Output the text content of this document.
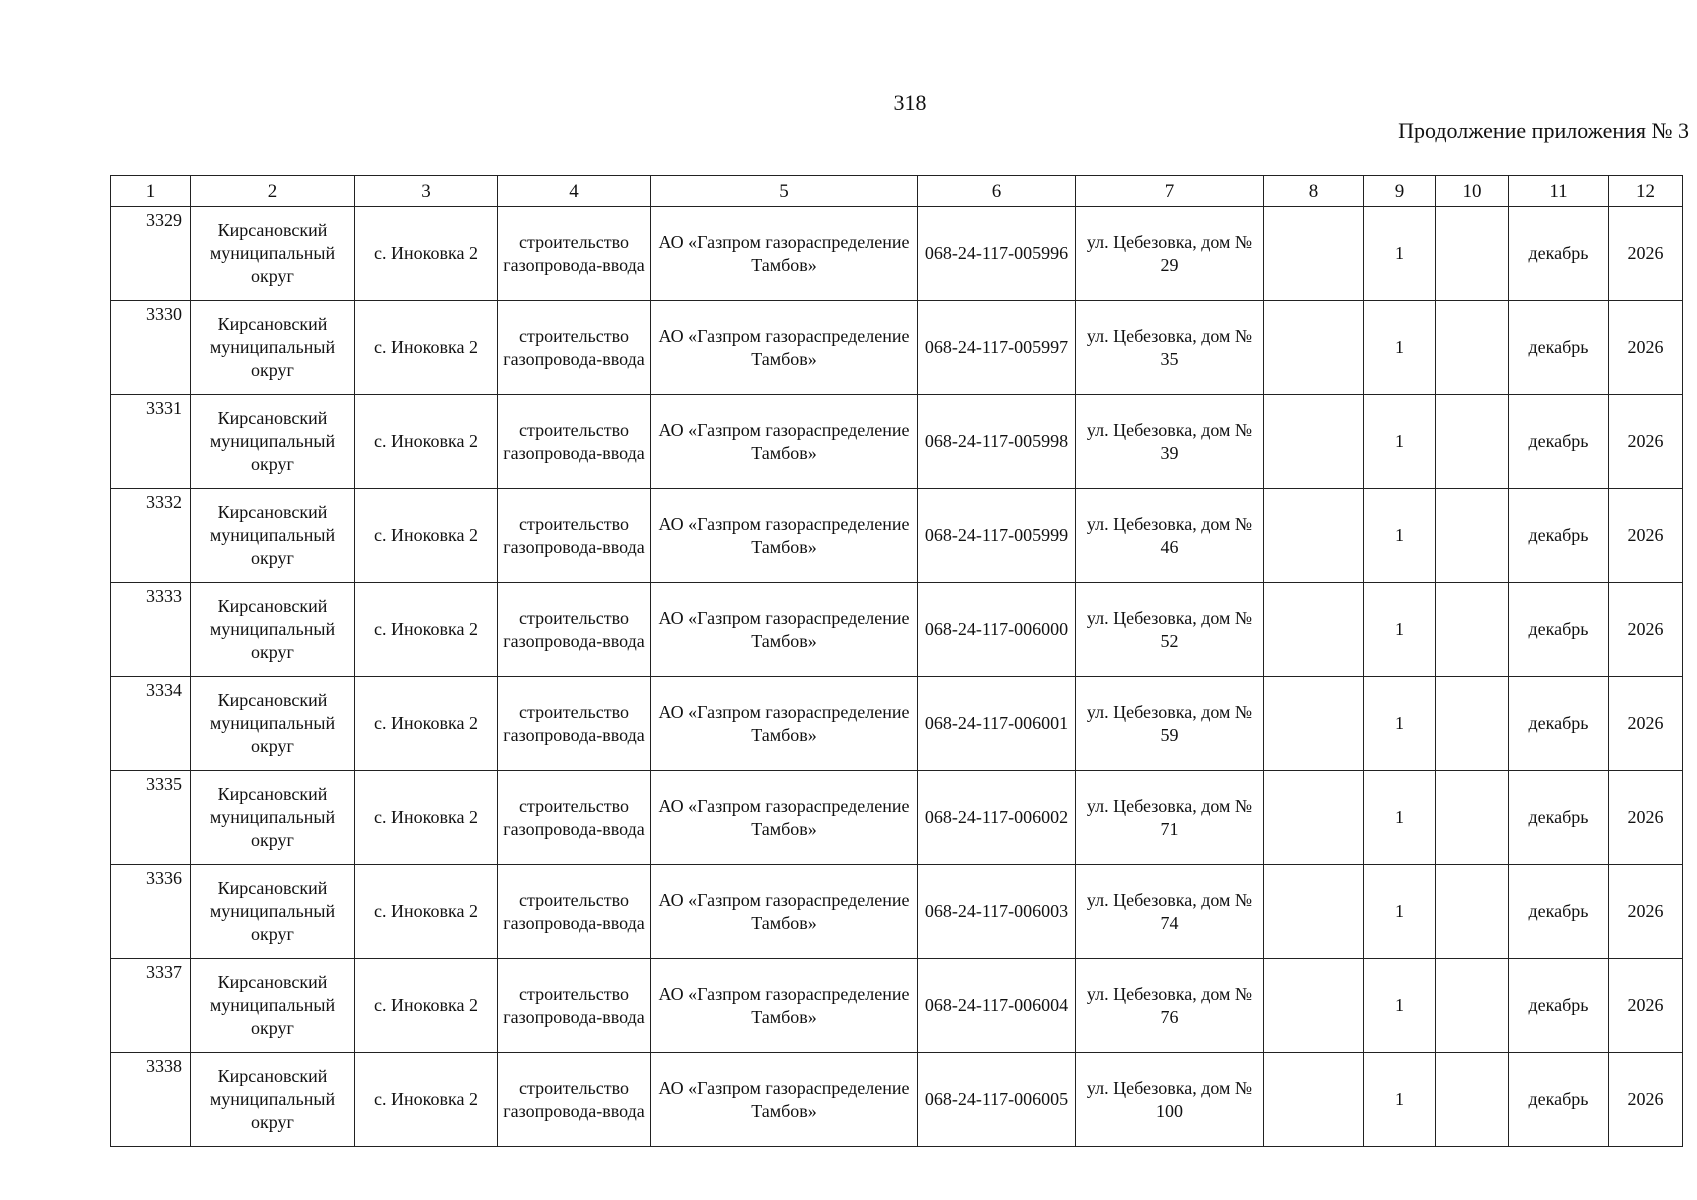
318
Продолжение приложения № 3
1	2	3	4	5	6	7	8	9	10	11	12
3329	Кирсановский муниципальный округ	с. Иноковка 2	строительство газопровода-ввода	АО «Газпром газораспределение Тамбов»	068-24-117-005996	ул. Цебезовка, дом № 29		1		декабрь	2026
3330	Кирсановский муниципальный округ	с. Иноковка 2	строительство газопровода-ввода	АО «Газпром газораспределение Тамбов»	068-24-117-005997	ул. Цебезовка, дом № 35		1		декабрь	2026
3331	Кирсановский муниципальный округ	с. Иноковка 2	строительство газопровода-ввода	АО «Газпром газораспределение Тамбов»	068-24-117-005998	ул. Цебезовка, дом № 39		1		декабрь	2026
3332	Кирсановский муниципальный округ	с. Иноковка 2	строительство газопровода-ввода	АО «Газпром газораспределение Тамбов»	068-24-117-005999	ул. Цебезовка, дом № 46		1		декабрь	2026
3333	Кирсановский муниципальный округ	с. Иноковка 2	строительство газопровода-ввода	АО «Газпром газораспределение Тамбов»	068-24-117-006000	ул. Цебезовка, дом № 52		1		декабрь	2026
3334	Кирсановский муниципальный округ	с. Иноковка 2	строительство газопровода-ввода	АО «Газпром газораспределение Тамбов»	068-24-117-006001	ул. Цебезовка, дом № 59		1		декабрь	2026
3335	Кирсановский муниципальный округ	с. Иноковка 2	строительство газопровода-ввода	АО «Газпром газораспределение Тамбов»	068-24-117-006002	ул. Цебезовка, дом № 71		1		декабрь	2026
3336	Кирсановский муниципальный округ	с. Иноковка 2	строительство газопровода-ввода	АО «Газпром газораспределение Тамбов»	068-24-117-006003	ул. Цебезовка, дом № 74		1		декабрь	2026
3337	Кирсановский муниципальный округ	с. Иноковка 2	строительство газопровода-ввода	АО «Газпром газораспределение Тамбов»	068-24-117-006004	ул. Цебезовка, дом № 76		1		декабрь	2026
3338	Кирсановский муниципальный округ	с. Иноковка 2	строительство газопровода-ввода	АО «Газпром газораспределение Тамбов»	068-24-117-006005	ул. Цебезовка, дом № 100		1		декабрь	2026
